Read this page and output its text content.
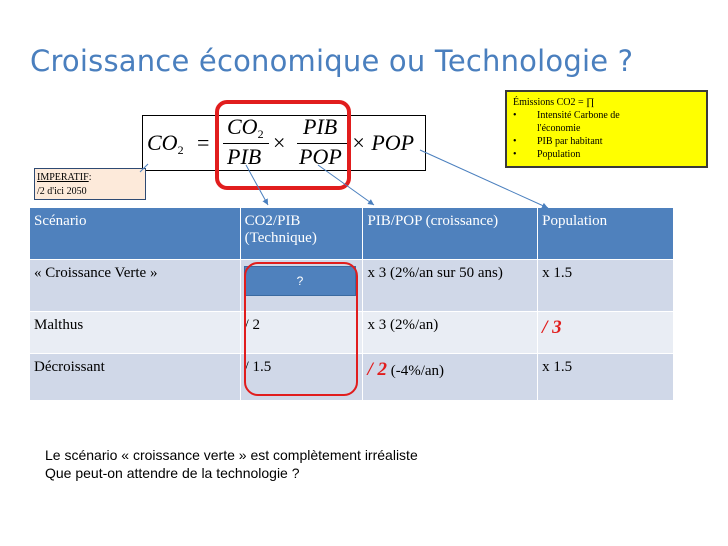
Croissance économique ou Technologie ?
$CO_2$ =
$CO_2$
PIB
×
PIB
POP
× POP
Émissions CO2 = ∏
• Intensité Carbone de
l'économie
• PIB par habitant
• Population
IMPERATIF:
/2 d'ici 2050
Scénario	CO2/PIB (Technique)	PIB/POP (croissance)	Population
« Croissance Verte »		x 3 (2%/an sur 50 ans)	x 1.5
Malthus	/ 2	x 3 (2%/an)	/ 3
Décroissant	/ 1.5	/ 2 (-4%/an)	x 1.5
?
Le scénario « croissance verte » est complètement irréaliste
Que peut-on attendre de la technologie ?
